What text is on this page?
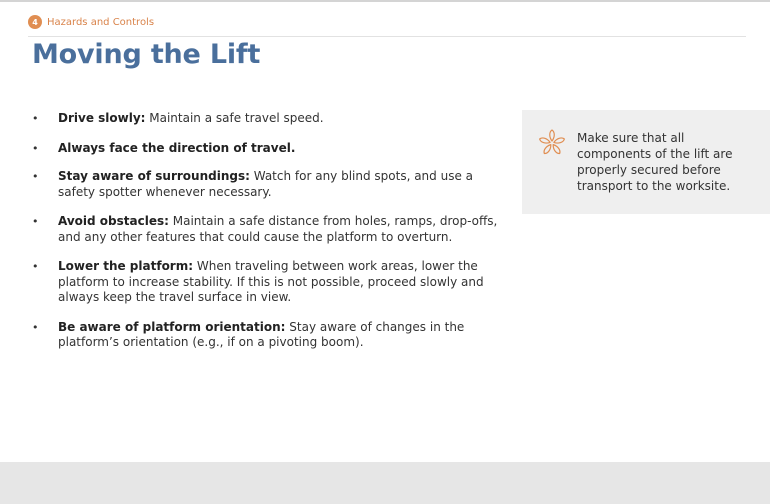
4 Hazards and Controls
Moving the Lift
• Drive slowly: Maintain a safe travel speed.
• Always face the direction of travel.
• Stay aware of surroundings: Watch for any blind spots, and use a safety spotter whenever necessary.
• Avoid obstacles: Maintain a safe distance from holes, ramps, drop-offs, and any other features that could cause the platform to overturn.
• Lower the platform: When traveling between work areas, lower the platform to increase stability. If this is not possible, proceed slowly and always keep the travel surface in view.
• Be aware of platform orientation: Stay aware of changes in the platform’s orientation (e.g., if on a pivoting boom).
Make sure that all components of the lift are properly secured before transport to the worksite.
